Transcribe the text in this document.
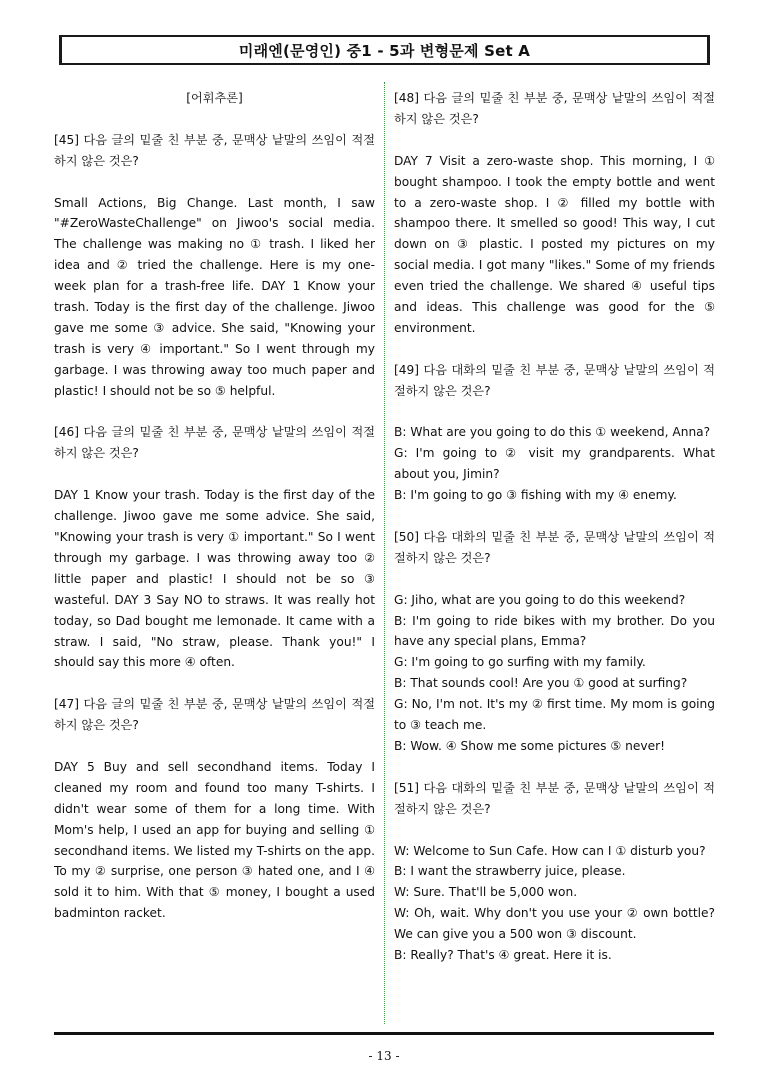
미래엔(문영인) 중1 - 5과 변형문제 Set A

[어휘추론]

[45] 다음 글의 밑줄 친 부분 중, 문맥상 낱말의 쓰임이 적절하지 않은 것은?

Small Actions, Big Change. Last month, I saw "#ZeroWasteChallenge" on Jiwoo's social media. The challenge was making no ① trash. I liked her idea and ② tried the challenge. Here is my one-week plan for a trash-free life. DAY 1 Know your trash. Today is the first day of the challenge. Jiwoo gave me some ③ advice. She said, "Knowing your trash is very ④ important." So I went through my garbage. I was throwing away too much paper and plastic! I should not be so ⑤ helpful.

[46] 다음 글의 밑줄 친 부분 중, 문맥상 낱말의 쓰임이 적절하지 않은 것은?

DAY 1 Know your trash. Today is the first day of the challenge. Jiwoo gave me some advice. She said, "Knowing your trash is very ① important." So I went through my garbage. I was throwing away too ② little paper and plastic! I should not be so ③ wasteful. DAY 3 Say NO to straws. It was really hot today, so Dad bought me lemonade. It came with a straw. I said, "No straw, please. Thank you!" I should say this more ④ often.

[47] 다음 글의 밑줄 친 부분 중, 문맥상 낱말의 쓰임이 적절하지 않은 것은?

DAY 5 Buy and sell secondhand items. Today I cleaned my room and found too many T-shirts. I didn't wear some of them for a long time. With Mom's help, I used an app for buying and selling ① secondhand items. We listed my T-shirts on the app. To my ② surprise, one person ③ hated one, and I ④ sold it to him. With that ⑤ money, I bought a used badminton racket.

[48] 다음 글의 밑줄 친 부분 중, 문맥상 낱말의 쓰임이 적절하지 않은 것은?

DAY 7 Visit a zero-waste shop. This morning, I ① bought shampoo. I took the empty bottle and went to a zero-waste shop. I ② filled my bottle with shampoo there. It smelled so good! This way, I cut down on ③ plastic. I posted my pictures on my social media. I got many "likes." Some of my friends even tried the challenge. We shared ④ useful tips and ideas. This challenge was good for the ⑤ environment.

[49] 다음 대화의 밑줄 친 부분 중, 문맥상 낱말의 쓰임이 적절하지 않은 것은?

B: What are you going to do this ① weekend, Anna?

G: I'm going to ② visit my grandparents. What about you, Jimin?

B: I'm going to go ③ fishing with my ④ enemy.

[50] 다음 대화의 밑줄 친 부분 중, 문맥상 낱말의 쓰임이 적절하지 않은 것은?

G: Jiho, what are you going to do this weekend?

B: I'm going to ride bikes with my brother. Do you have any special plans, Emma?

G: I'm going to go surfing with my family.

B: That sounds cool! Are you ① good at surfing?

G: No, I'm not. It's my ② first time. My mom is going to ③ teach me.

B: Wow. ④ Show me some pictures ⑤ never!

[51] 다음 대화의 밑줄 친 부분 중, 문맥상 낱말의 쓰임이 적절하지 않은 것은?

W: Welcome to Sun Cafe. How can I ① disturb you?

B: I want the strawberry juice, please.

W: Sure. That'll be 5,000 won.

W: Oh, wait. Why don't you use your ② own bottle? We can give you a 500 won ③ discount.

B: Really? That's ④ great. Here it is.

- 13 -
